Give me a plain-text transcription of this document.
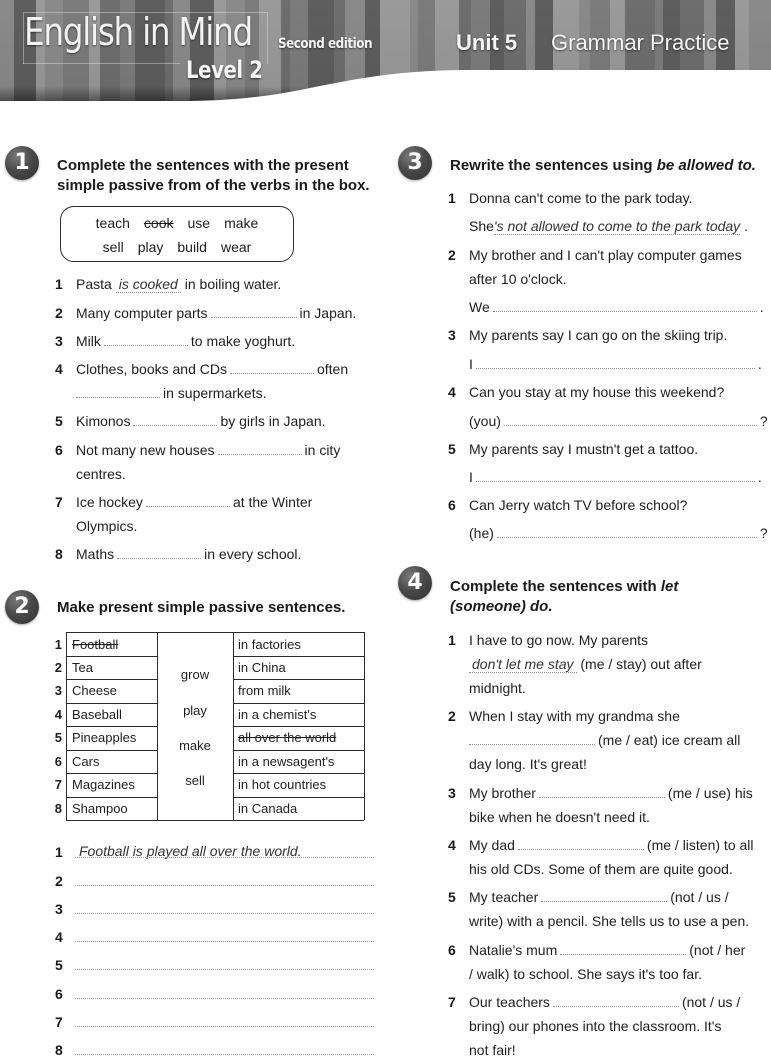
English in Mind Second edition
Level 2
Unit 5 Grammar Practice
1	Complete the sentences with the present
simple passive from of the verbs in the box.
teach cook use make
sell play build wear
1 Pasta is cooked in boiling water.
2 Many computer parts	in Japan.
3 Milk	to make yoghurt.
4 Clothes, books and CDs	often
in supermarkets.
5 Kimonos	by girls in Japan.
6 Not many new houses	in city
centres.
7 Ice hockey	at the Winter
Olympics.
8 Maths	in every school.
2	Make present simple passive sentences.
1 Football	in factories
2 Tea	in China
3 Cheese	from milk
4 Baseball	in a chemist's
5 Pineapples	all over the world
6 Cars	in a newsagent's
7 Magazines	in hot countries
8 Shampoo	in Canada
grow
play
make
sell
1 Football is played all over the world.
2
3
4
5
6
7
8
3	Rewrite the sentences using be allowed to.
1 Donna can't come to the park today.
She's not allowed to come to the park today .
2 My brother and I can't play computer games
after 10 o'clock.
We	.
3 My parents say I can go on the skiing trip.
I	.
4 Can you stay at my house this weekend?
(you)	?
5 My parents say I mustn't get a tattoo.
I	.
6 Can Jerry watch TV before school?
(he)	?
4	Complete the sentences with let
(someone) do.
1 I have to go now. My parents
don't let me stay (me / stay) out after
midnight.
2 When I stay with my grandma she
(me / eat) ice cream all
day long. It's great!
3 My brother	(me / use) his
bike when he doesn't need it.
4 My dad	(me / listen) to all
his old CDs. Some of them are quite good.
5 My teacher	(not / us /
write) with a pencil. She tells us to use a pen.
6 Natalie's mum	(not / her
/ walk) to school. She says it's too far.
7 Our teachers	(not / us /
bring) our phones into the classroom. It's
not fair!
